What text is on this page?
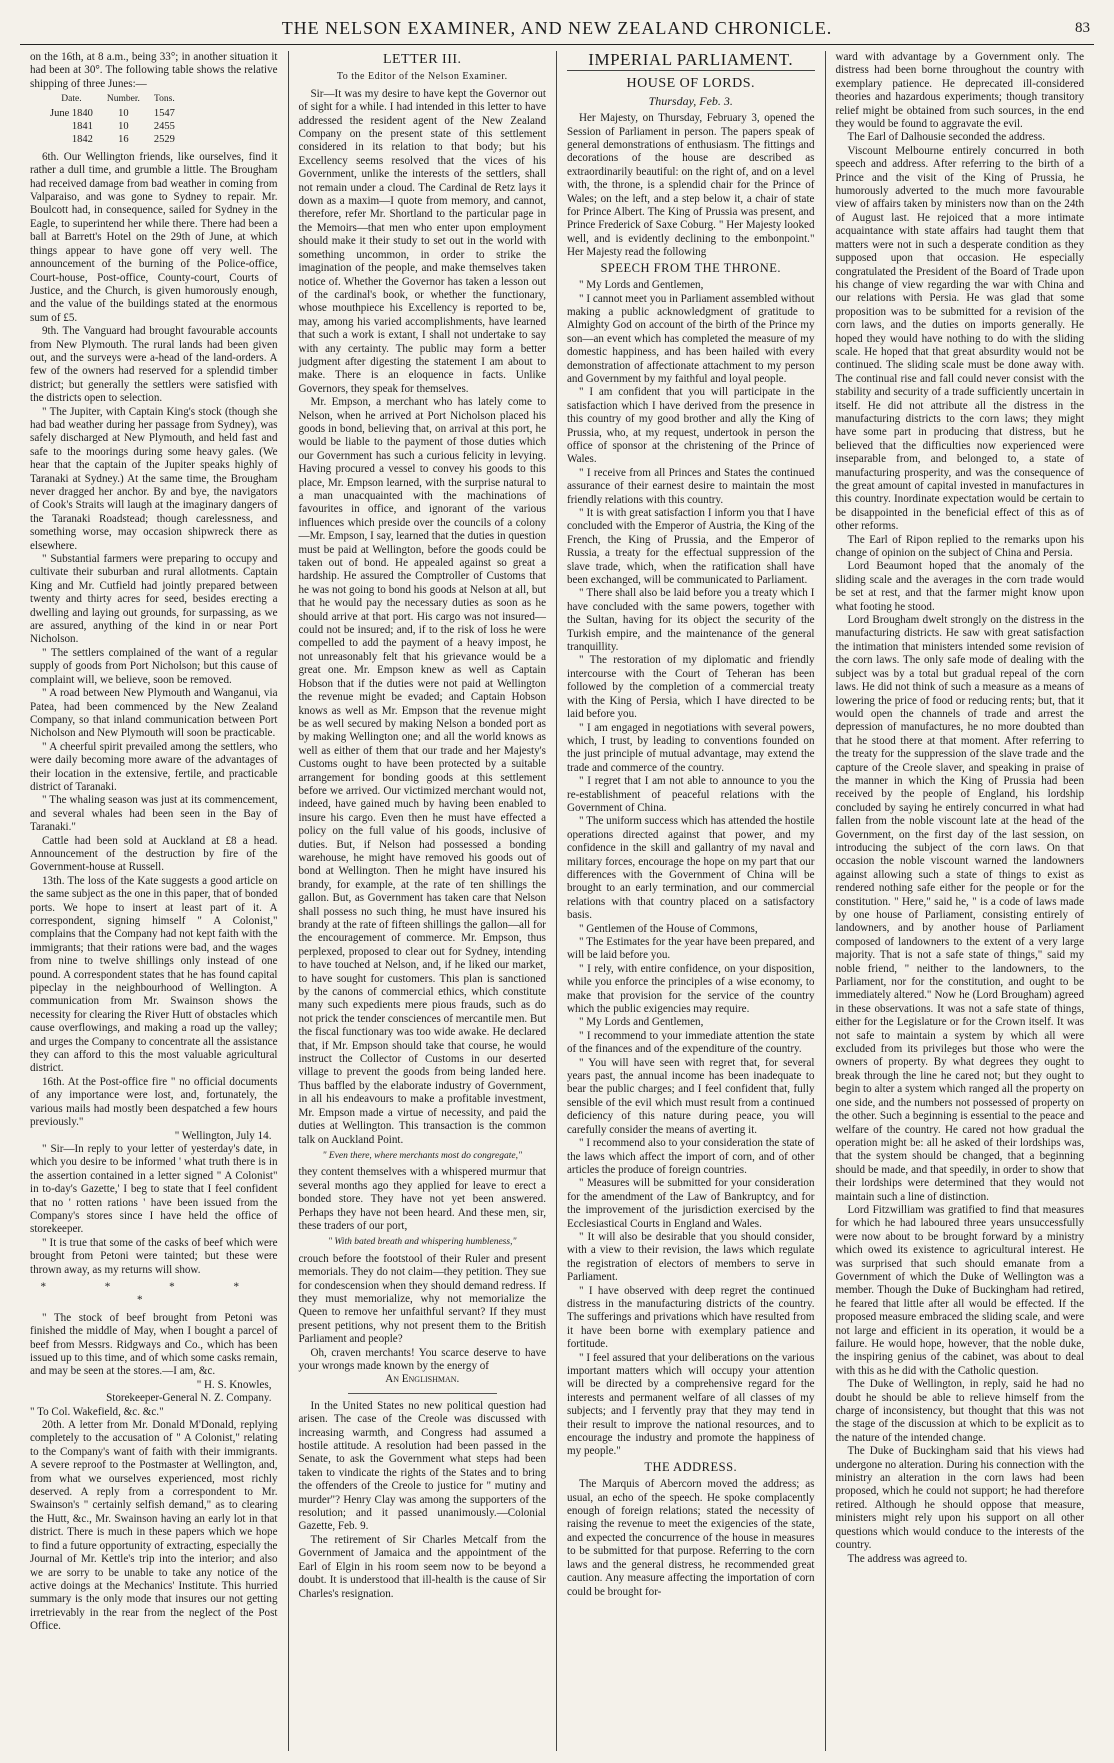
THE NELSON EXAMINER, AND NEW ZEALAND CHRONICLE.	83

on the 16th, at 8 a.m., being 33°; in another situation it had been at 30°. The following table shows the relative shipping of three Junes:—

Date.	Number.	Tons.
June 1840	10	1547
1841	10	2455
1842	16	2529

6th. Our Wellington friends, like ourselves, find it rather a dull time, and grumble a little. The Brougham had received damage from bad weather in coming from Valparaiso, and was gone to Sydney to repair. Mr. Boulcott had, in consequence, sailed for Sydney in the Eagle, to superintend her while there. There had been a ball at Barrett's Hotel on the 29th of June, at which things appear to have gone off very well. The announcement of the burning of the Police-office, Court-house, Post-office, County-court, Courts of Justice, and the Church, is given humorously enough, and the value of the buildings stated at the enormous sum of £5.

9th. The Vanguard had brought favourable accounts from New Plymouth. The rural lands had been given out, and the surveys were a-head of the land-orders. A few of the owners had reserved for a splendid timber district; but generally the settlers were satisfied with the districts open to selection.

" The Jupiter, with Captain King's stock (though she had bad weather during her passage from Sydney), was safely discharged at New Plymouth, and held fast and safe to the moorings during some heavy gales. (We hear that the captain of the Jupiter speaks highly of Taranaki at Sydney.) At the same time, the Brougham never dragged her anchor. By and bye, the navigators of Cook's Straits will laugh at the imaginary dangers of the Taranaki Roadstead; though carelessness, and something worse, may occasion shipwreck there as elsewhere.

" Substantial farmers were preparing to occupy and cultivate their suburban and rural allotments. Captain King and Mr. Cutfield had jointly prepared between twenty and thirty acres for seed, besides erecting a dwelling and laying out grounds, for surpassing, as we are assured, anything of the kind in or near Port Nicholson.

" The settlers complained of the want of a regular supply of goods from Port Nicholson; but this cause of complaint will, we believe, soon be removed.

" A road between New Plymouth and Wanganui, via Patea, had been commenced by the New Zealand Company, so that inland communication between Port Nicholson and New Plymouth will soon be practicable.

" A cheerful spirit prevailed among the settlers, who were daily becoming more aware of the advantages of their location in the extensive, fertile, and practicable district of Taranaki.

" The whaling season was just at its commencement, and several whales had been seen in the Bay of Taranaki."

Cattle had been sold at Auckland at £8 a head. Announcement of the destruction by fire of the Government-house at Russell.

13th. The loss of the Kate suggests a good article on the same subject as the one in this paper, that of bonded ports. We hope to insert at least part of it. A correspondent, signing himself " A Colonist," complains that the Company had not kept faith with the immigrants; that their rations were bad, and the wages from nine to twelve shillings only instead of one pound. A correspondent states that he has found capital pipeclay in the neighbourhood of Wellington. A communication from Mr. Swainson shows the necessity for clearing the River Hutt of obstacles which cause overflowings, and making a road up the valley; and urges the Company to concentrate all the assistance they can afford to this the most valuable agricultural district.

16th. At the Post-office fire " no official documents of any importance were lost, and, fortunately, the various mails had mostly been despatched a few hours previously."

" Wellington, July 14.

" Sir—In reply to your letter of yesterday's date, in which you desire to be informed ' what truth there is in the assertion contained in a letter signed " A Colonist" in to-day's Gazette,' I beg to state that I feel confident that no ' rotten rations ' have been issued from the Company's stores since I have held the office of storekeeper.

" It is true that some of the casks of beef which were brought from Petoni were tainted; but these were thrown away, as my returns will show.

* * * * *

" The stock of beef brought from Petoni was finished the middle of May, when I bought a parcel of beef from Messrs. Ridgways and Co., which has been issued up to this time, and of which some casks remain, and may be seen at the stores.—I am, &c.

" H. S. Knowles,

Storekeeper-General N. Z. Company.

" To Col. Wakefield, &c. &c."

20th. A letter from Mr. Donald M'Donald, replying completely to the accusation of " A Colonist," relating to the Company's want of faith with their immigrants. A severe reproof to the Postmaster at Wellington, and, from what we ourselves experienced, most richly deserved. A reply from a correspondent to Mr. Swainson's " certainly selfish demand," as to clearing the Hutt, &c., Mr. Swainson having an early lot in that district. There is much in these papers which we hope to find a future opportunity of extracting, especially the Journal of Mr. Kettle's trip into the interior; and also we are sorry to be unable to take any notice of the active doings at the Mechanics' Institute. This hurried summary is the only mode that insures our not getting irretrievably in the rear from the neglect of the Post Office.

LETTER III.
To the Editor of the Nelson Examiner.

Sir—It was my desire to have kept the Governor out of sight for a while. I had intended in this letter to have addressed the resident agent of the New Zealand Company on the present state of this settlement considered in its relation to that body; but his Excellency seems resolved that the vices of his Government, unlike the interests of the settlers, shall not remain under a cloud. The Cardinal de Retz lays it down as a maxim—I quote from memory, and cannot, therefore, refer Mr. Shortland to the particular page in the Memoirs—that men who enter upon employment should make it their study to set out in the world with something uncommon, in order to strike the imagination of the people, and make themselves taken notice of. Whether the Governor has taken a lesson out of the cardinal's book, or whether the functionary, whose mouthpiece his Excellency is reported to be, may, among his varied accomplishments, have learned that such a work is extant, I shall not undertake to say with any certainty. The public may form a better judgment after digesting the statement I am about to make. There is an eloquence in facts. Unlike Governors, they speak for themselves.

Mr. Empson, a merchant who has lately come to Nelson, when he arrived at Port Nicholson placed his goods in bond, believing that, on arrival at this port, he would be liable to the payment of those duties which our Government has such a curious felicity in levying. Having procured a vessel to convey his goods to this place, Mr. Empson learned, with the surprise natural to a man unacquainted with the machinations of favourites in office, and ignorant of the various influences which preside over the councils of a colony—Mr. Empson, I say, learned that the duties in question must be paid at Wellington, before the goods could be taken out of bond. He appealed against so great a hardship. He assured the Comptroller of Customs that he was not going to bond his goods at Nelson at all, but that he would pay the necessary duties as soon as he should arrive at that port. His cargo was not insured—could not be insured; and, if to the risk of loss he were compelled to add the payment of a heavy impost, he not unreasonably felt that his grievance would be a great one. Mr. Empson knew as well as Captain Hobson that if the duties were not paid at Wellington the revenue might be evaded; and Captain Hobson knows as well as Mr. Empson that the revenue might be as well secured by making Nelson a bonded port as by making Wellington one; and all the world knows as well as either of them that our trade and her Majesty's Customs ought to have been protected by a suitable arrangement for bonding goods at this settlement before we arrived. Our victimized merchant would not, indeed, have gained much by having been enabled to insure his cargo. Even then he must have effected a policy on the full value of his goods, inclusive of duties. But, if Nelson had possessed a bonding warehouse, he might have removed his goods out of bond at Wellington. Then he might have insured his brandy, for example, at the rate of ten shillings the gallon. But, as Government has taken care that Nelson shall possess no such thing, he must have insured his brandy at the rate of fifteen shillings the gallon—all for the encouragement of commerce. Mr. Empson, thus perplexed, proposed to clear out for Sydney, intending to have touched at Nelson, and, if he liked our market, to have sought for customers. This plan is sanctioned by the canons of commercial ethics, which constitute many such expedients mere pious frauds, such as do not prick the tender consciences of mercantile men. But the fiscal functionary was too wide awake. He declared that, if Mr. Empson should take that course, he would instruct the Collector of Customs in our deserted village to prevent the goods from being landed here. Thus baffled by the elaborate industry of Government, in all his endeavours to make a profitable investment, Mr. Empson made a virtue of necessity, and paid the duties at Wellington. This transaction is the common talk on Auckland Point.

" Even there, where merchants most do congregate,"

they content themselves with a whispered murmur that several months ago they applied for leave to erect a bonded store. They have not yet been answered. Perhaps they have not been heard. And these men, sir, these traders of our port,

" With bated breath and whispering humbleness,"

crouch before the footstool of their Ruler and present memorials. They do not claim—they petition. They sue for condescension when they should demand redress. If they must memorialize, why not memorialize the Queen to remove her unfaithful servant? If they must present petitions, why not present them to the British Parliament and people?

Oh, craven merchants! You scarce deserve to have your wrongs made known by the energy of

An Englishman.

In the United States no new political question had arisen. The case of the Creole was discussed with increasing warmth, and Congress had assumed a hostile attitude. A resolution had been passed in the Senate, to ask the Government what steps had been taken to vindicate the rights of the States and to bring the offenders of the Creole to justice for " mutiny and murder"? Henry Clay was among the supporters of the resolution; and it passed unanimously.—Colonial Gazette, Feb. 9.

The retirement of Sir Charles Metcalf from the Government of Jamaica and the appointment of the Earl of Elgin in his room seem now to be beyond a doubt. It is understood that ill-health is the cause of Sir Charles's resignation.

IMPERIAL PARLIAMENT.
HOUSE OF LORDS.
Thursday, Feb. 3.

Her Majesty, on Thursday, February 3, opened the Session of Parliament in person. The papers speak of general demonstrations of enthusiasm. The fittings and decorations of the house are described as extraordinarily beautiful: on the right of, and on a level with, the throne, is a splendid chair for the Prince of Wales; on the left, and a step below it, a chair of state for Prince Albert. The King of Prussia was present, and Prince Frederick of Saxe Coburg. " Her Majesty looked well, and is evidently declining to the embonpoint." Her Majesty read the following

SPEECH FROM THE THRONE.

" My Lords and Gentlemen,

" I cannot meet you in Parliament assembled without making a public acknowledgment of gratitude to Almighty God on account of the birth of the Prince my son—an event which has completed the measure of my domestic happiness, and has been hailed with every demonstration of affectionate attachment to my person and Government by my faithful and loyal people.

" I am confident that you will participate in the satisfaction which I have derived from the presence in this country of my good brother and ally the King of Prussia, who, at my request, undertook in person the office of sponsor at the christening of the Prince of Wales.

" I receive from all Princes and States the continued assurance of their earnest desire to maintain the most friendly relations with this country.

" It is with great satisfaction I inform you that I have concluded with the Emperor of Austria, the King of the French, the King of Prussia, and the Emperor of Russia, a treaty for the effectual suppression of the slave trade, which, when the ratification shall have been exchanged, will be communicated to Parliament.

" There shall also be laid before you a treaty which I have concluded with the same powers, together with the Sultan, having for its object the security of the Turkish empire, and the maintenance of the general tranquillity.

" The restoration of my diplomatic and friendly intercourse with the Court of Teheran has been followed by the completion of a commercial treaty with the King of Persia, which I have directed to be laid before you.

" I am engaged in negotiations with several powers, which, I trust, by leading to conventions founded on the just principle of mutual advantage, may extend the trade and commerce of the country.

" I regret that I am not able to announce to you the re-establishment of peaceful relations with the Government of China.

" The uniform success which has attended the hostile operations directed against that power, and my confidence in the skill and gallantry of my naval and military forces, encourage the hope on my part that our differences with the Government of China will be brought to an early termination, and our commercial relations with that country placed on a satisfactory basis.

" Gentlemen of the House of Commons,

" The Estimates for the year have been prepared, and will be laid before you.

" I rely, with entire confidence, on your disposition, while you enforce the principles of a wise economy, to make that provision for the service of the country which the public exigencies may require.

" My Lords and Gentlemen,

" I recommend to your immediate attention the state of the finances and of the expenditure of the country.

" You will have seen with regret that, for several years past, the annual income has been inadequate to bear the public charges; and I feel confident that, fully sensible of the evil which must result from a continued deficiency of this nature during peace, you will carefully consider the means of averting it.

" I recommend also to your consideration the state of the laws which affect the import of corn, and of other articles the produce of foreign countries.

" Measures will be submitted for your consideration for the amendment of the Law of Bankruptcy, and for the improvement of the jurisdiction exercised by the Ecclesiastical Courts in England and Wales.

" It will also be desirable that you should consider, with a view to their revision, the laws which regulate the registration of electors of members to serve in Parliament.

" I have observed with deep regret the continued distress in the manufacturing districts of the country. The sufferings and privations which have resulted from it have been borne with exemplary patience and fortitude.

" I feel assured that your deliberations on the various important matters which will occupy your attention will be directed by a comprehensive regard for the interests and permanent welfare of all classes of my subjects; and I fervently pray that they may tend in their result to improve the national resources, and to encourage the industry and promote the happiness of my people."

THE ADDRESS.

The Marquis of Abercorn moved the address; as usual, an echo of the speech. He spoke complacently enough of foreign relations; stated the necessity of raising the revenue to meet the exigencies of the state, and expected the concurrence of the house in measures to be submitted for that purpose. Referring to the corn laws and the general distress, he recommended great caution. Any measure affecting the importation of corn could be brought for-

ward with advantage by a Government only. The distress had been borne throughout the country with exemplary patience. He deprecated ill-considered theories and hazardous experiments; though transitory relief might be obtained from such sources, in the end they would be found to aggravate the evil.

The Earl of Dalhousie seconded the address.

Viscount Melbourne entirely concurred in both speech and address. After referring to the birth of a Prince and the visit of the King of Prussia, he humorously adverted to the much more favourable view of affairs taken by ministers now than on the 24th of August last. He rejoiced that a more intimate acquaintance with state affairs had taught them that matters were not in such a desperate condition as they supposed upon that occasion. He especially congratulated the President of the Board of Trade upon his change of view regarding the war with China and our relations with Persia. He was glad that some proposition was to be submitted for a revision of the corn laws, and the duties on imports generally. He hoped they would have nothing to do with the sliding scale. He hoped that that great absurdity would not be continued. The sliding scale must be done away with. The continual rise and fall could never consist with the stability and security of a trade sufficiently uncertain in itself. He did not attribute all the distress in the manufacturing districts to the corn laws; they might have some part in producing that distress, but he believed that the difficulties now experienced were inseparable from, and belonged to, a state of manufacturing prosperity, and was the consequence of the great amount of capital invested in manufactures in this country. Inordinate expectation would be certain to be disappointed in the beneficial effect of this as of other reforms.

The Earl of Ripon replied to the remarks upon his change of opinion on the subject of China and Persia.

Lord Beaumont hoped that the anomaly of the sliding scale and the averages in the corn trade would be set at rest, and that the farmer might know upon what footing he stood.

Lord Brougham dwelt strongly on the distress in the manufacturing districts. He saw with great satisfaction the intimation that ministers intended some revision of the corn laws. The only safe mode of dealing with the subject was by a total but gradual repeal of the corn laws. He did not think of such a measure as a means of lowering the price of food or reducing rents; but, that it would open the channels of trade and arrest the depression of manufactures, he no more doubted than that he stood there at that moment. After referring to the treaty for the suppression of the slave trade and the capture of the Creole slaver, and speaking in praise of the manner in which the King of Prussia had been received by the people of England, his lordship concluded by saying he entirely concurred in what had fallen from the noble viscount late at the head of the Government, on the first day of the last session, on introducing the subject of the corn laws. On that occasion the noble viscount warned the landowners against allowing such a state of things to exist as rendered nothing safe either for the people or for the constitution. " Here," said he, " is a code of laws made by one house of Parliament, consisting entirely of landowners, and by another house of Parliament composed of landowners to the extent of a very large majority. That is not a safe state of things," said my noble friend, " neither to the landowners, to the Parliament, nor for the constitution, and ought to be immediately altered." Now he (Lord Brougham) agreed in these observations. It was not a safe state of things, either for the Legislature or for the Crown itself. It was not safe to maintain a system by which all were excluded from its privileges but those who were the owners of property. By what degrees they ought to break through the line he cared not; but they ought to begin to alter a system which ranged all the property on one side, and the numbers not possessed of property on the other. Such a beginning is essential to the peace and welfare of the country. He cared not how gradual the operation might be: all he asked of their lordships was, that the system should be changed, that a beginning should be made, and that speedily, in order to show that their lordships were determined that they would not maintain such a line of distinction.

Lord Fitzwilliam was gratified to find that measures for which he had laboured three years unsuccessfully were now about to be brought forward by a ministry which owed its existence to agricultural interest. He was surprised that such should emanate from a Government of which the Duke of Wellington was a member. Though the Duke of Buckingham had retired, he feared that little after all would be effected. If the proposed measure embraced the sliding scale, and were not large and efficient in its operation, it would be a failure. He would hope, however, that the noble duke, the inspiring genius of the cabinet, was about to deal with this as he did with the Catholic question.

The Duke of Wellington, in reply, said he had no doubt he should be able to relieve himself from the charge of inconsistency, but thought that this was not the stage of the discussion at which to be explicit as to the nature of the intended change.

The Duke of Buckingham said that his views had undergone no alteration. During his connection with the ministry an alteration in the corn laws had been proposed, which he could not support; he had therefore retired. Although he should oppose that measure, ministers might rely upon his support on all other questions which would conduce to the interests of the country.

The address was agreed to.
